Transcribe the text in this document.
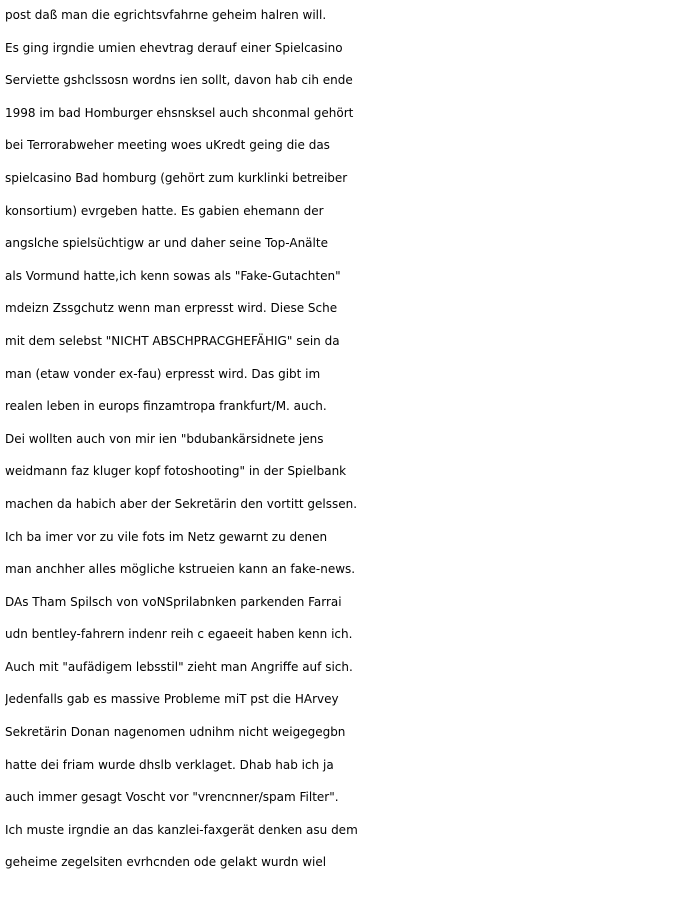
post daß man die egrichtsvfahrne geheim halren will.
Es ging irgndie umien ehevtrag derauf einer Spielcasino
Serviette gshclssosn wordns ien sollt, davon hab cih ende
1998 im bad Homburger ehsnsksel auch shconmal gehört
bei Terrorabweher meeting woes uKredt geing die das
spielcasino Bad homburg (gehört zum kurklinki betreiber
konsortium) evrgeben hatte. Es gabien ehemann der
angslche spielsüchtigw ar und daher seine Top-Anälte
als Vormund hatte,ich kenn sowas als "Fake-Gutachten"
mdeizn Zssgchutz wenn man erpresst wird. Diese Sche
mit dem selebst "NICHT ABSCHPRACGHEFÄHIG" sein da
man (etaw vonder ex-fau) erpresst wird. Das gibt im
realen leben in europs finzamtropa frankfurt/M. auch.
Dei wollten auch von mir ien "bdubankärsidnete jens
weidmann faz kluger kopf fotoshooting" in der Spielbank
machen da habich aber der Sekretärin den vortitt gelssen.
Ich ba imer vor zu vile fots im Netz gewarnt zu denen
man anchher alles mögliche kstrueien kann an fake-news.
DAs Tham Spilsch von voNSprilabnken parkenden Farrai
udn bentley-fahrern indenr reih c egaeeit haben kenn ich.
Auch mit "aufädigem lebsstil" zieht man Angriffe auf sich.
Jedenfalls gab es massive Probleme miT pst die HArvey
Sekretärin Donan nagenomen udnihm nicht weigegegbn
hatte dei friam wurde dhslb verklaget. Dhab hab ich ja
auch immer gesagt Voscht vor "vrencnner/spam Filter".
Ich muste irgndie an das kanzlei-faxgerät denken asu dem
geheime zegelsiten evrhcnden ode gelakt wurdn wiel
